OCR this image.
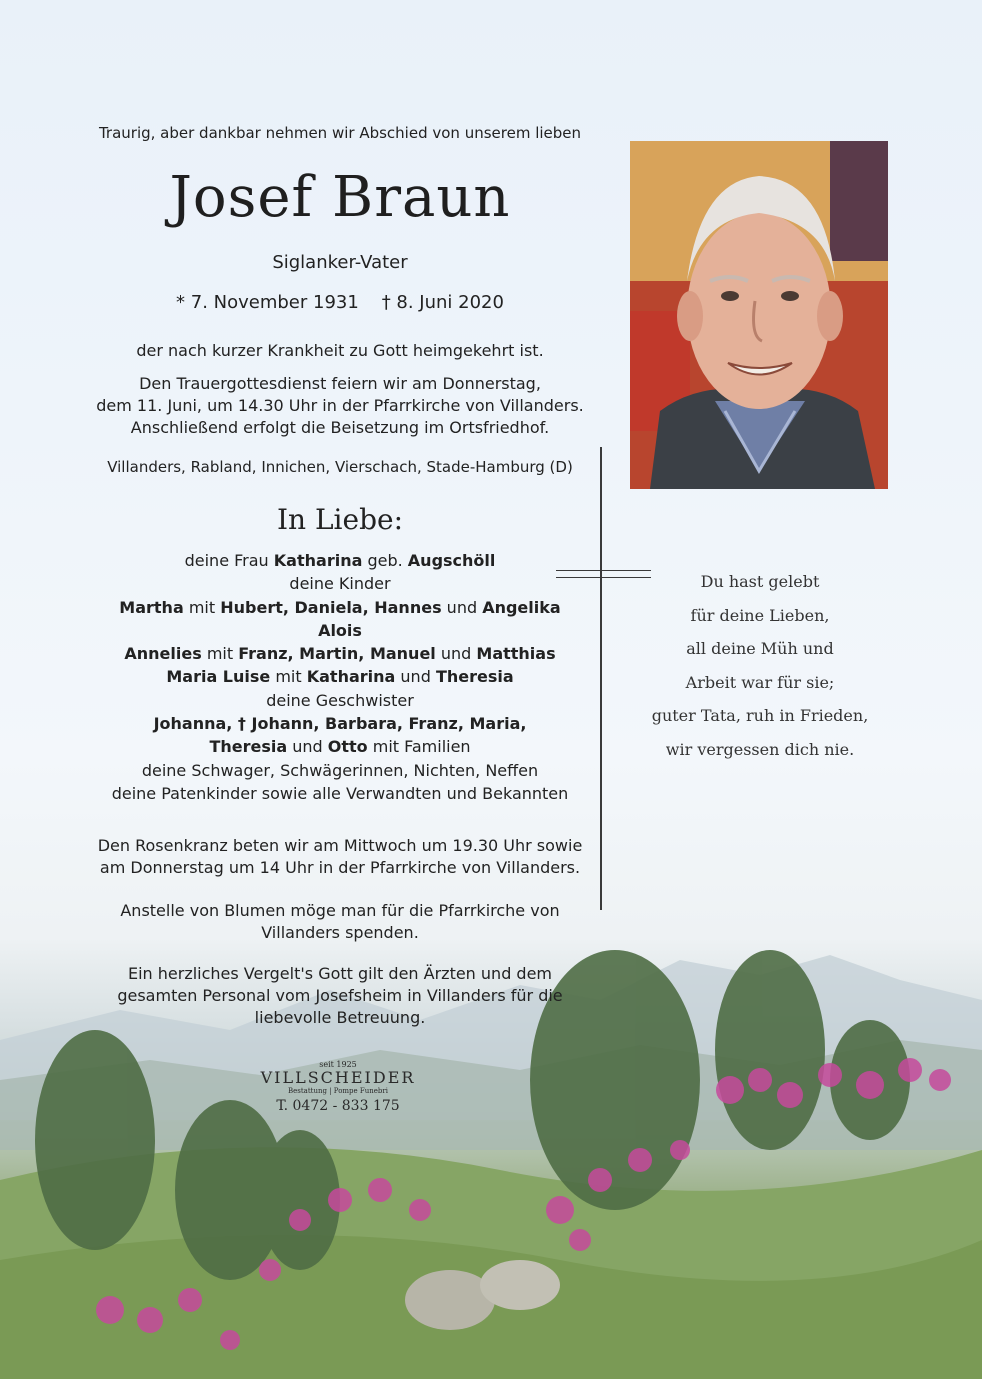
Traurig, aber dankbar nehmen wir Abschied von unserem lieben
Josef Braun
Siglanker-Vater
* 7. November 1931    † 8. Juni 2020
der nach kurzer Krankheit zu Gott heimgekehrt ist.
Den Trauergottesdienst feiern wir am Donnerstag,
dem 11. Juni, um 14.30 Uhr in der Pfarrkirche von Villanders.
Anschließend erfolgt die Beisetzung im Ortsfriedhof.
Villanders, Rabland, Innichen, Vierschach, Stade-Hamburg (D)
In Liebe:
deine Frau Katharina geb. Augschöll
deine Kinder
Martha mit Hubert, Daniela, Hannes und Angelika
Alois
Annelies mit Franz, Martin, Manuel und Matthias
Maria Luise mit Katharina und Theresia
deine Geschwister
Johanna, † Johann, Barbara, Franz, Maria,
Theresia und Otto mit Familien
deine Schwager, Schwägerinnen, Nichten, Neffen
deine Patenkinder sowie alle Verwandten und Bekannten
Den Rosenkranz beten wir am Mittwoch um 19.30 Uhr sowie
am Donnerstag um 14 Uhr in der Pfarrkirche von Villanders.
Anstelle von Blumen möge man für die Pfarrkirche von
Villanders spenden.
Ein herzliches Vergelt's Gott gilt den Ärzten und dem
gesamten Personal vom Josefsheim in Villanders für die
liebevolle Betreuung.
seit 1925
VILLSCHEIDER
Bestattung | Pompe Funebri
T. 0472 - 833 175
Du hast gelebt
für deine Lieben,
all deine Müh und
Arbeit war für sie;
guter Tata, ruh in Frieden,
wir vergessen dich nie.
